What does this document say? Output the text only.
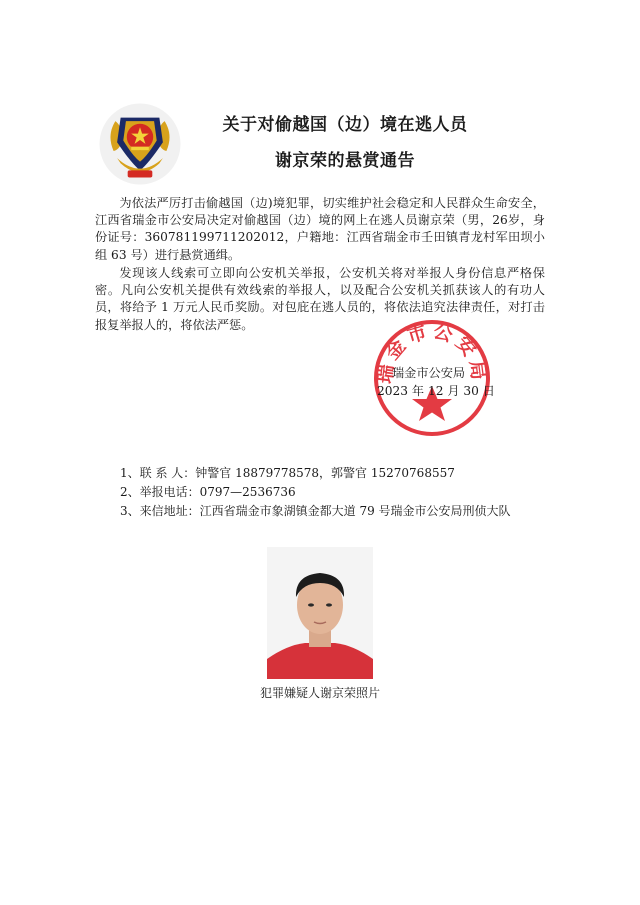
关于对偷越国（边）境在逃人员
谢京荣的悬赏通告

为依法严厉打击偷越国（边)境犯罪，切实维护社会稳定和人民群众生命安全，江西省瑞金市公安局决定对偷越国（边）境的网上在逃人员谢京荣（男，26岁，身份证号：360781199711202012，户籍地：江西省瑞金市壬田镇青龙村军田坝小组 63 号）进行悬赏通缉。

发现该人线索可立即向公安机关举报，公安机关将对举报人身份信息严格保密。凡向公安机关提供有效线索的举报人，以及配合公安机关抓获该人的有功人员，将给予 1 万元人民币奖励。对包庇在逃人员的，将依法追究法律责任，对打击报复举报人的，将依法严惩。

瑞金市公安局
瑞金市公安局
2023 年 12 月 30 日
1、联 系 人：钟警官 18879778578，郭警官 15270768557
2、举报电话：0797—2536736
3、来信地址：江西省瑞金市象湖镇金都大道 79 号瑞金市公安局刑侦大队
犯罪嫌疑人谢京荣照片
